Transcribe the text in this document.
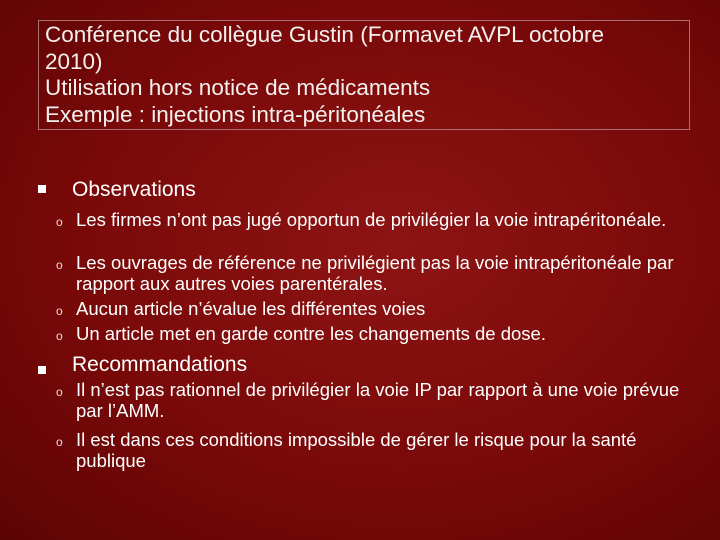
Conférence du collègue Gustin (Formavet AVPL octobre
2010)
Utilisation hors notice de médicaments
Exemple : injections intra-péritonéales
Observations
o Les firmes n’ont pas jugé opportun de privilégier la voie intrapéritonéale.
o Les ouvrages de référence ne privilégient pas la voie intrapéritonéale par rapport aux autres voies parentérales.
o Aucun article n’évalue les différentes voies
o Un article met en garde contre les changements de dose.
Recommandations
o Il n’est pas rationnel de privilégier la voie IP par rapport à une voie prévue par l’AMM.
o Il est dans ces conditions impossible de gérer le risque pour la santé publique
